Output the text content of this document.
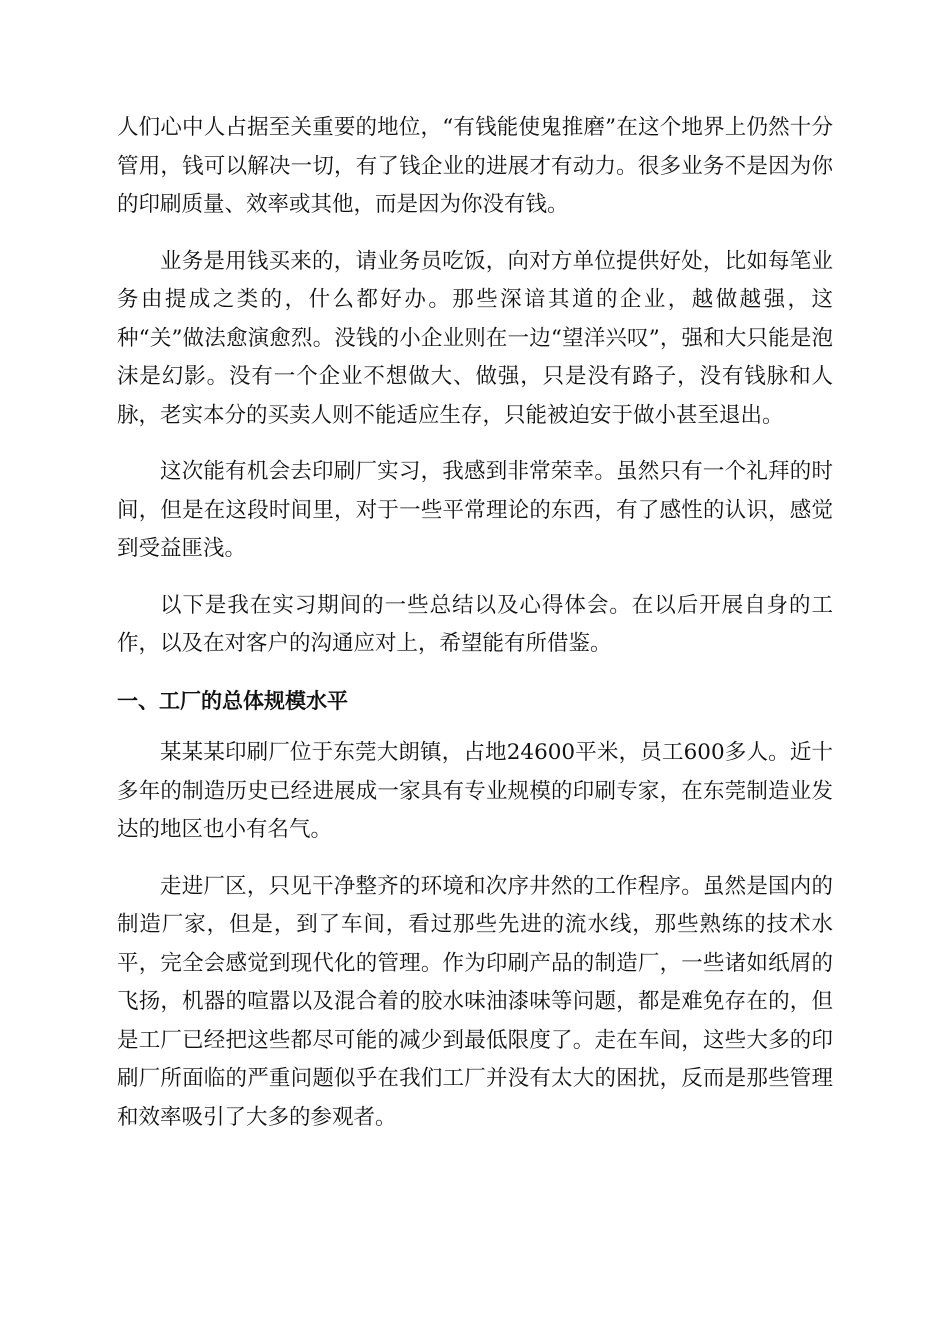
人们心中人占据至关重要的地位，“有钱能使鬼推磨”在这个地界上仍然十分管用，钱可以解决一切，有了钱企业的进展才有动力。很多业务不是因为你的印刷质量、效率或其他，而是因为你没有钱。

业务是用钱买来的，请业务员吃饭，向对方单位提供好处，比如每笔业务由提成之类的，什么都好办。那些深谙其道的企业，越做越强，这种“关”做法愈演愈烈。没钱的小企业则在一边“望洋兴叹”，强和大只能是泡沫是幻影。没有一个企业不想做大、做强，只是没有路子，没有钱脉和人脉，老实本分的买卖人则不能适应生存，只能被迫安于做小甚至退出。

这次能有机会去印刷厂实习，我感到非常荣幸。虽然只有一个礼拜的时间，但是在这段时间里，对于一些平常理论的东西，有了感性的认识，感觉到受益匪浅。

以下是我在实习期间的一些总结以及心得体会。在以后开展自身的工作，以及在对客户的沟通应对上，希望能有所借鉴。

一、工厂的总体规模水平

某某某印刷厂位于东莞大朗镇，占地24600平米，员工600多人。近十多年的制造历史已经进展成一家具有专业规模的印刷专家，在东莞制造业发达的地区也小有名气。

走进厂区，只见干净整齐的环境和次序井然的工作程序。虽然是国内的制造厂家，但是，到了车间，看过那些先进的流水线，那些熟练的技术水平，完全会感觉到现代化的管理。作为印刷产品的制造厂，一些诸如纸屑的飞扬，机器的喧嚣以及混合着的胶水味油漆味等问题，都是难免存在的，但是工厂已经把这些都尽可能的减少到最低限度了。走在车间，这些大多的印刷厂所面临的严重问题似乎在我们工厂并没有太大的困扰，反而是那些管理和效率吸引了大多的参观者。
